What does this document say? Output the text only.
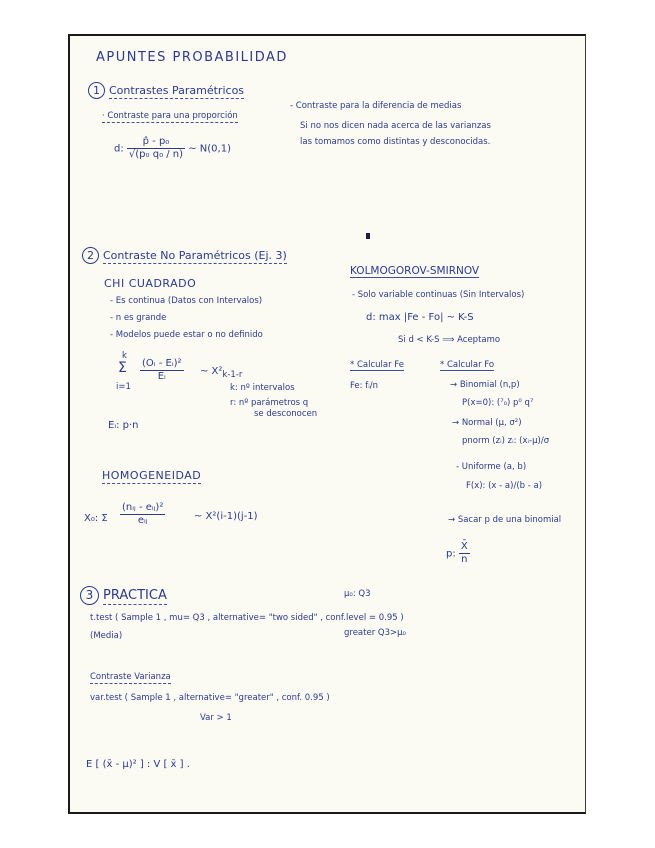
APUNTES PROBABILIDAD
1 Contrastes Paramétricos
· Contraste para una proporción
d: $\frac{\text{p̂ - p₀}}{\text{√(p₀ q₀ / n)}}$ ~ N(0,1)
- Contraste para la diferencia de medias
Si no nos dicen nada acerca de las varianzas
las tomamos como distintas y desconocidas.
2 Contraste No Paramétricos (Ej. 3)
CHI CUADRADO
- Es continua (Datos con Intervalos)
- n es grande
- Modelos puede estar o no definido
k
Σ
i=1
$\frac{\text{(Oᵢ - Eᵢ)²}}{\text{Eᵢ}}$ ~ $X^2_{k-1-r}$
k: nº intervalos
r: nº parámetros q
se desconocen
Eᵢ: p·n
HOMOGENEIDAD
X₀: Σ $\frac{\text{(nᵢⱼ - eᵢⱼ)²}}{\text{eᵢⱼ}}$	~ X²(i-1)(j-1)
KOLMOGOROV-SMIRNOV
- Solo variable continuas (Sin Intervalos)
d: max |Fe - Fo| ~ K-S
Si d < K-S ⟹ Aceptamo
* Calcular Fe
Fe: fᵢ/n
* Calcular Fo
→ Binomial (n,p)
P(x=0): (⁷₀) p⁰ q⁷
→ Normal (μ, σ²)
pnorm (zᵢ) zᵢ: (xᵢ-μ)/σ
- Uniforme (a, b)
F(x): (x - a)/(b - a)
→ Sacar p de una binomial
p: $\frac{X̄}{n}$
3 PRACTICA	μ₀: Q3
t.test ( Sample 1 , mu= Q3 , alternative= "two sided" , conf.level = 0.95 )
greater Q3>μ₀
(Media)
Contraste Varianza
var.test ( Sample 1 , alternative= "greater" , conf. 0.95 )
Var > 1
E [ (x̄ - μ)² ] : V [ x̄ ] .
